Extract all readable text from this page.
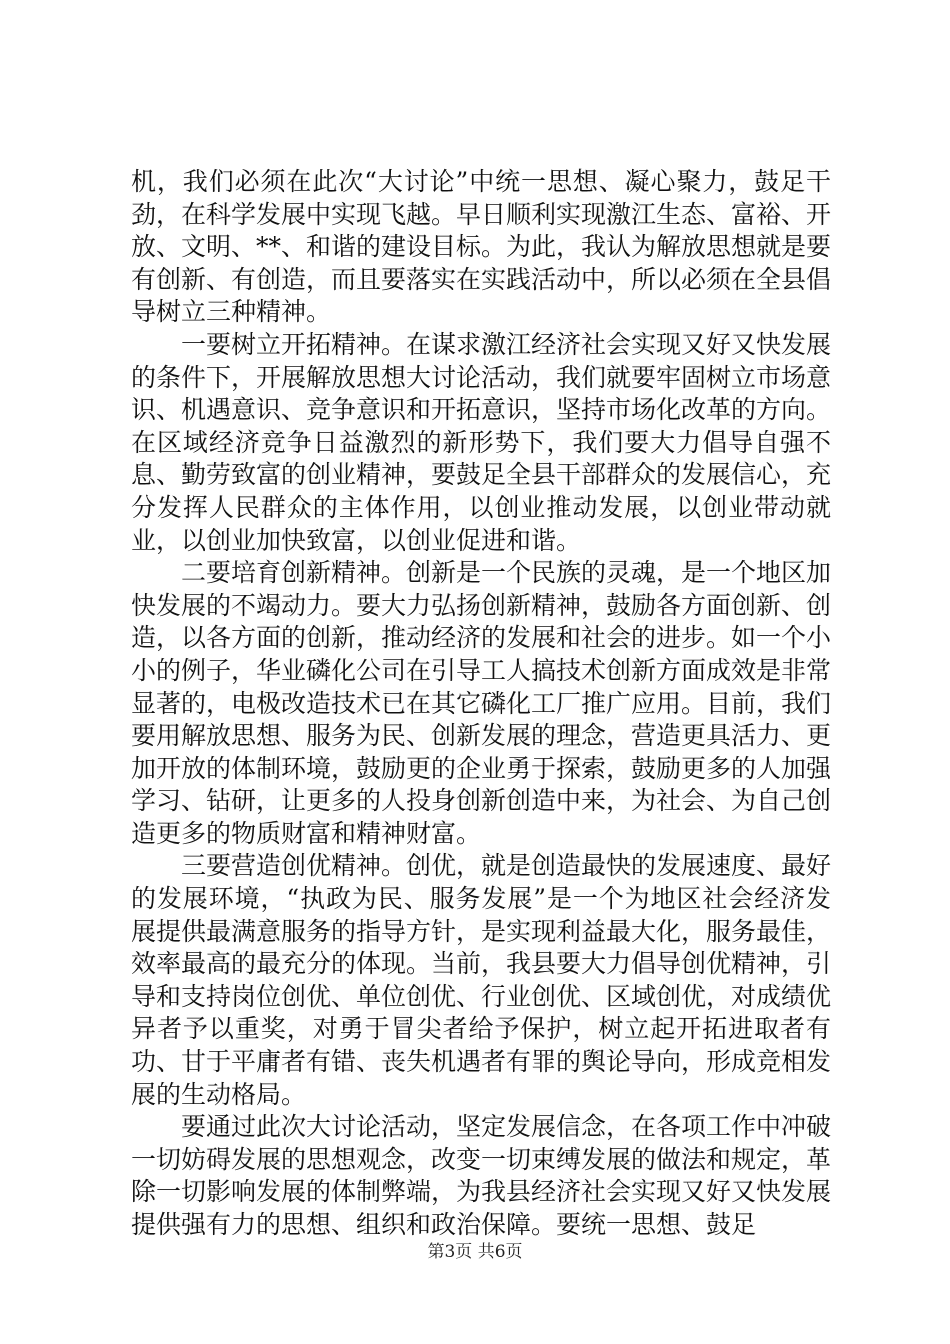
机，我们必须在此次“大讨论”中统一思想、凝心聚力，鼓足干劲，在科学发展中实现飞越。早日顺利实现激江生态、富裕、开放、文明、**、和谐的建设目标。为此，我认为解放思想就是要有创新、有创造，而且要落实在实践活动中，所以必须在全县倡导树立三种精神。

一要树立开拓精神。在谋求激江经济社会实现又好又快发展的条件下，开展解放思想大讨论活动，我们就要牢固树立市场意识、机遇意识、竞争意识和开拓意识，坚持市场化改革的方向。在区域经济竞争日益激烈的新形势下，我们要大力倡导自强不息、勤劳致富的创业精神，要鼓足全县干部群众的发展信心，充分发挥人民群众的主体作用，以创业推动发展，以创业带动就业，以创业加快致富，以创业促进和谐。

二要培育创新精神。创新是一个民族的灵魂，是一个地区加快发展的不竭动力。要大力弘扬创新精神，鼓励各方面创新、创造，以各方面的创新，推动经济的发展和社会的进步。如一个小小的例子，华业磷化公司在引导工人搞技术创新方面成效是非常显著的，电极改造技术已在其它磷化工厂推广应用。目前，我们要用解放思想、服务为民、创新发展的理念，营造更具活力、更加开放的体制环境，鼓励更的企业勇于探索，鼓励更多的人加强学习、钻研，让更多的人投身创新创造中来，为社会、为自己创造更多的物质财富和精神财富。

三要营造创优精神。创优，就是创造最快的发展速度、最好的发展环境，“执政为民、服务发展”是一个为地区社会经济发展提供最满意服务的指导方针，是实现利益最大化，服务最佳，效率最高的最充分的体现。当前，我县要大力倡导创优精神，引导和支持岗位创优、单位创优、行业创优、区域创优，对成绩优异者予以重奖，对勇于冒尖者给予保护，树立起开拓进取者有功、甘于平庸者有错、丧失机遇者有罪的舆论导向，形成竞相发展的生动格局。

要通过此次大讨论活动，坚定发展信念，在各项工作中冲破一切妨碍发展的思想观念，改变一切束缚发展的做法和规定，革除一切影响发展的体制弊端，为我县经济社会实现又好又快发展提供强有力的思想、组织和政治保障。要统一思想、鼓足

第3页 共6页
